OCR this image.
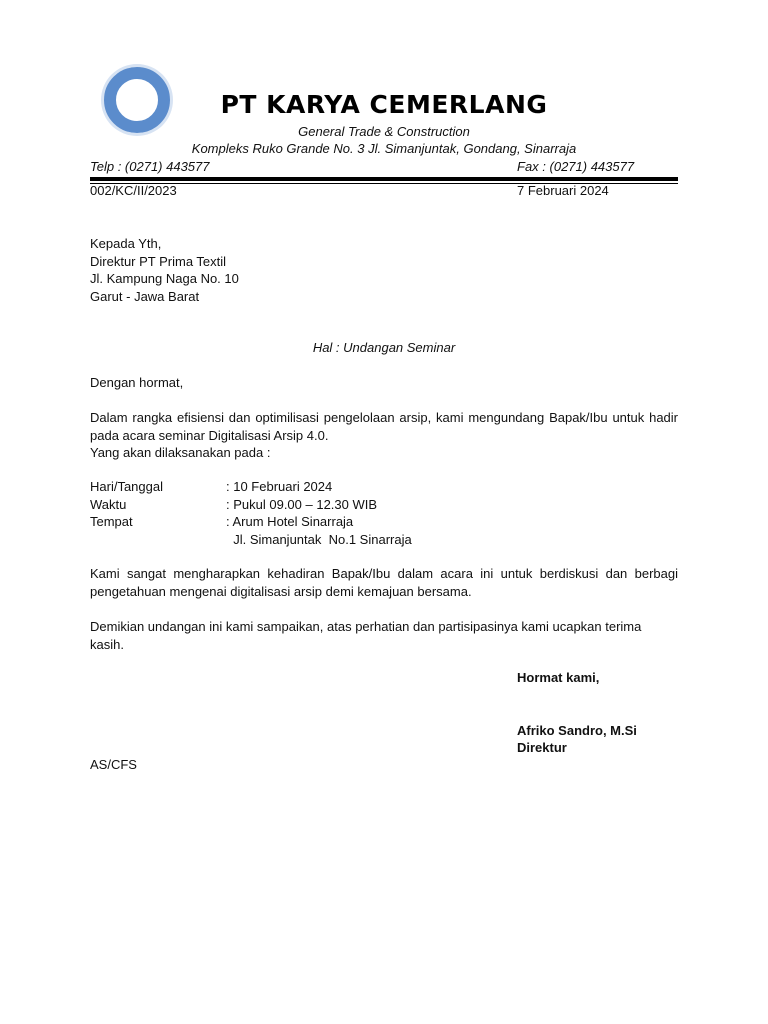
PT KARYA CEMERLANG
General Trade & Construction
Kompleks Ruko Grande No. 3 Jl. Simanjuntak, Gondang, Sinarraja
Telp : (0271) 443577	Fax : (0271) 443577
002/KC/II/2023	7 Februari 2024
Kepada Yth,
Direktur PT Prima Textil
Jl. Kampung Naga No. 10
Garut - Jawa Barat
Hal : Undangan Seminar
Dengan hormat,
Dalam rangka efisiensi dan optimilisasi pengelolaan arsip, kami mengundang Bapak/Ibu untuk hadir pada acara seminar Digitalisasi Arsip 4.0.
Yang akan dilaksanakan pada :
Hari/Tanggal	: 10 Februari 2024
Waktu	: Pukul 09.00 – 12.30 WIB
Tempat	: Arum Hotel Sinarraja
Jl. Simanjuntak  No.1 Sinarraja
Kami sangat mengharapkan kehadiran Bapak/Ibu dalam acara ini untuk berdiskusi dan berbagi pengetahuan mengenai digitalisasi arsip demi kemajuan bersama.
Demikian undangan ini kami sampaikan, atas perhatian dan partisipasinya kami ucapkan terima kasih.
Hormat kami,
Afriko Sandro, M.Si
Direktur
AS/CFS
